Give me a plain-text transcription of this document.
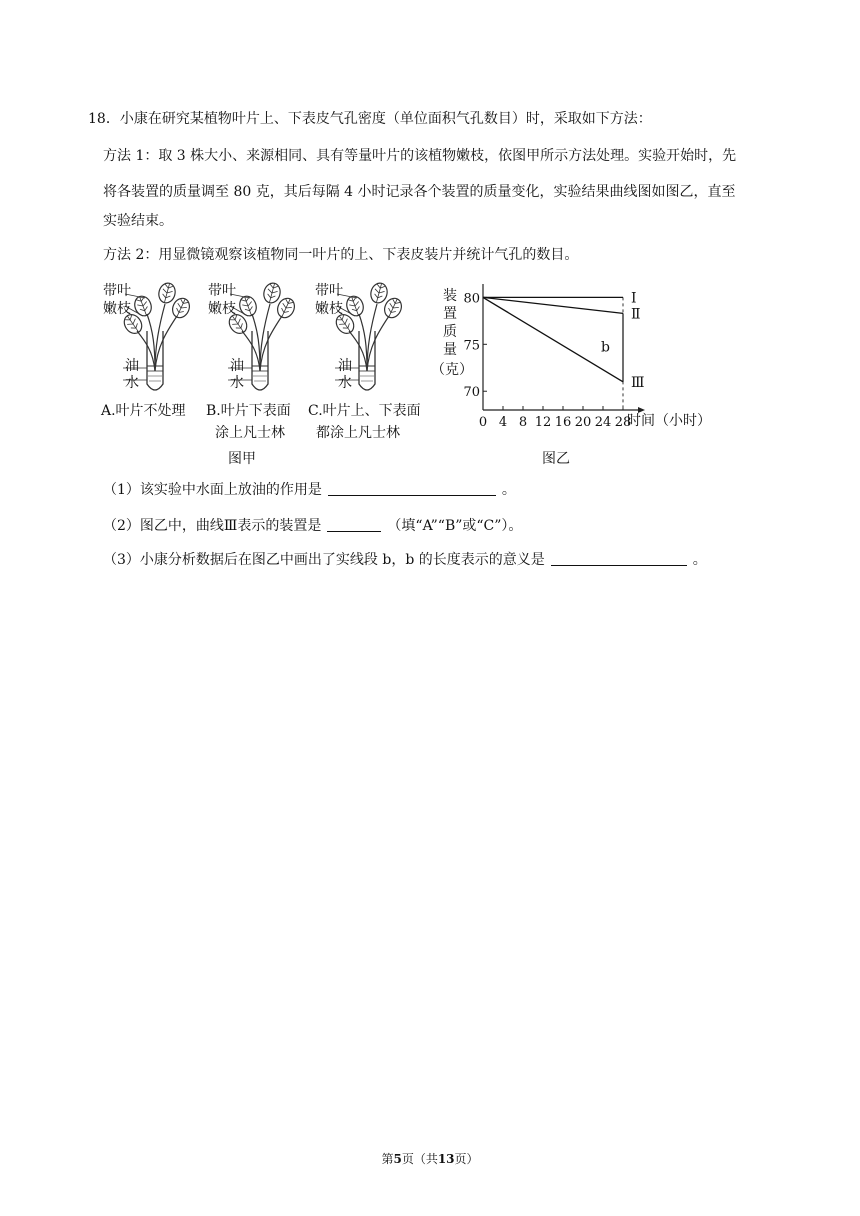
18．小康在研究某植物叶片上、下表皮气孔密度（单位面积气孔数目）时，采取如下方法：
方法 1：取 3 株大小、来源相同、具有等量叶片的该植物嫩枝，依图甲所示方法处理。实验开始时，先
将各装置的质量调至 80 克，其后每隔 4 小时记录各个装置的质量变化，实验结果曲线图如图乙，直至
实验结束。
方法 2：用显微镜观察该植物同一叶片的上、下表皮装片并统计气孔的数目。
带叶
嫩枝
带叶
嫩枝
带叶
嫩枝
油
水
油
水
油
水
A.叶片不处理 B.叶片下表面
涂上凡士林
C.叶片上、下表面
都涂上凡士林
图甲
装
置
质
量
（克）
0 4 8 12 16 20 24 28
70
75
80
b
Ⅰ
Ⅱ
Ⅲ
时间（小时）
图乙
（1）该实验中水面上放油的作用是	。
（2）图乙中，曲线Ⅲ表示的装置是	（填“A”“B”或“C”）。
（3）小康分析数据后在图乙中画出了实线段 b，b 的长度表示的意义是	。
第5页（共13页）
